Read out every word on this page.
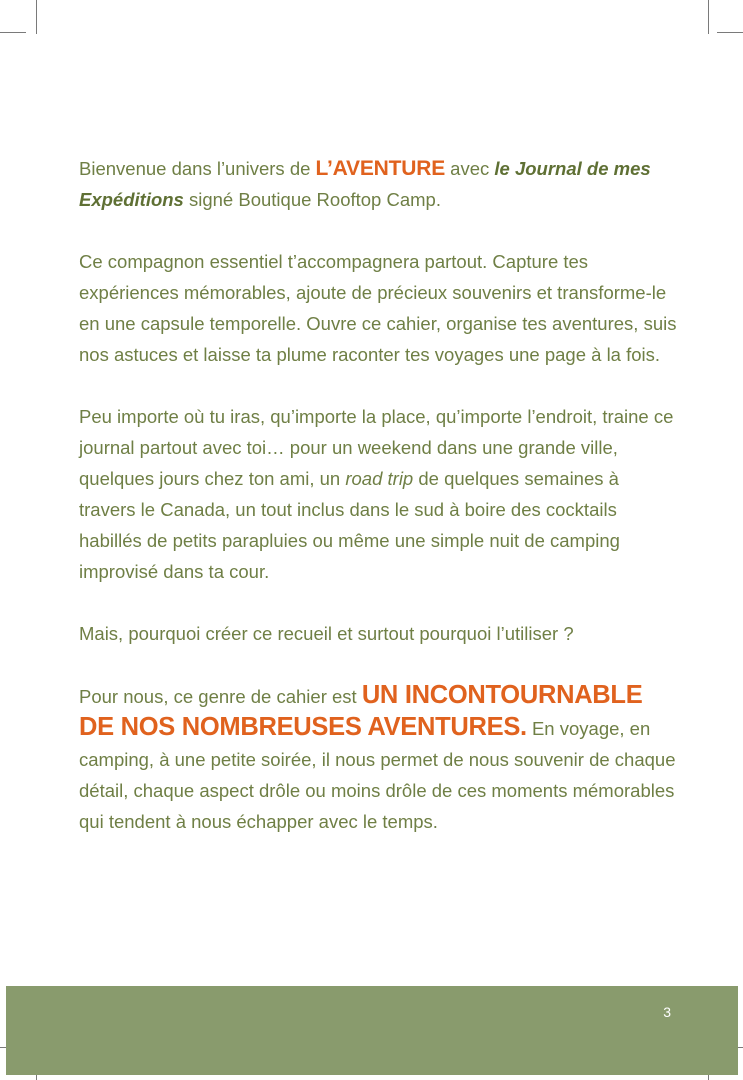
Bienvenue dans l’univers de L’AVENTURE avec le Journal de mes Expéditions signé Boutique Rooftop Camp.

Ce compagnon essentiel t’accompagnera partout. Capture tes expériences mémorables, ajoute de précieux souvenirs et transforme-le en une capsule temporelle. Ouvre ce cahier, organise tes aventures, suis nos astuces et laisse ta plume raconter tes voyages une page à la fois.

Peu importe où tu iras, qu’importe la place, qu’importe l’endroit, traine ce journal partout avec toi… pour un weekend dans une grande ville, quelques jours chez ton ami, un road trip de quelques semaines à travers le Canada, un tout inclus dans le sud à boire des cocktails habillés de petits parapluies ou même une simple nuit de camping improvisé dans ta cour.

Mais, pourquoi créer ce recueil et surtout pourquoi l’utiliser ?

Pour nous, ce genre de cahier est UN INCONTOURNABLE DE NOS NOMBREUSES AVENTURES. En voyage, en camping, à une petite soirée, il nous permet de nous souvenir de chaque détail, chaque aspect drôle ou moins drôle de ces moments mémorables qui tendent à nous échapper avec le temps.

3
